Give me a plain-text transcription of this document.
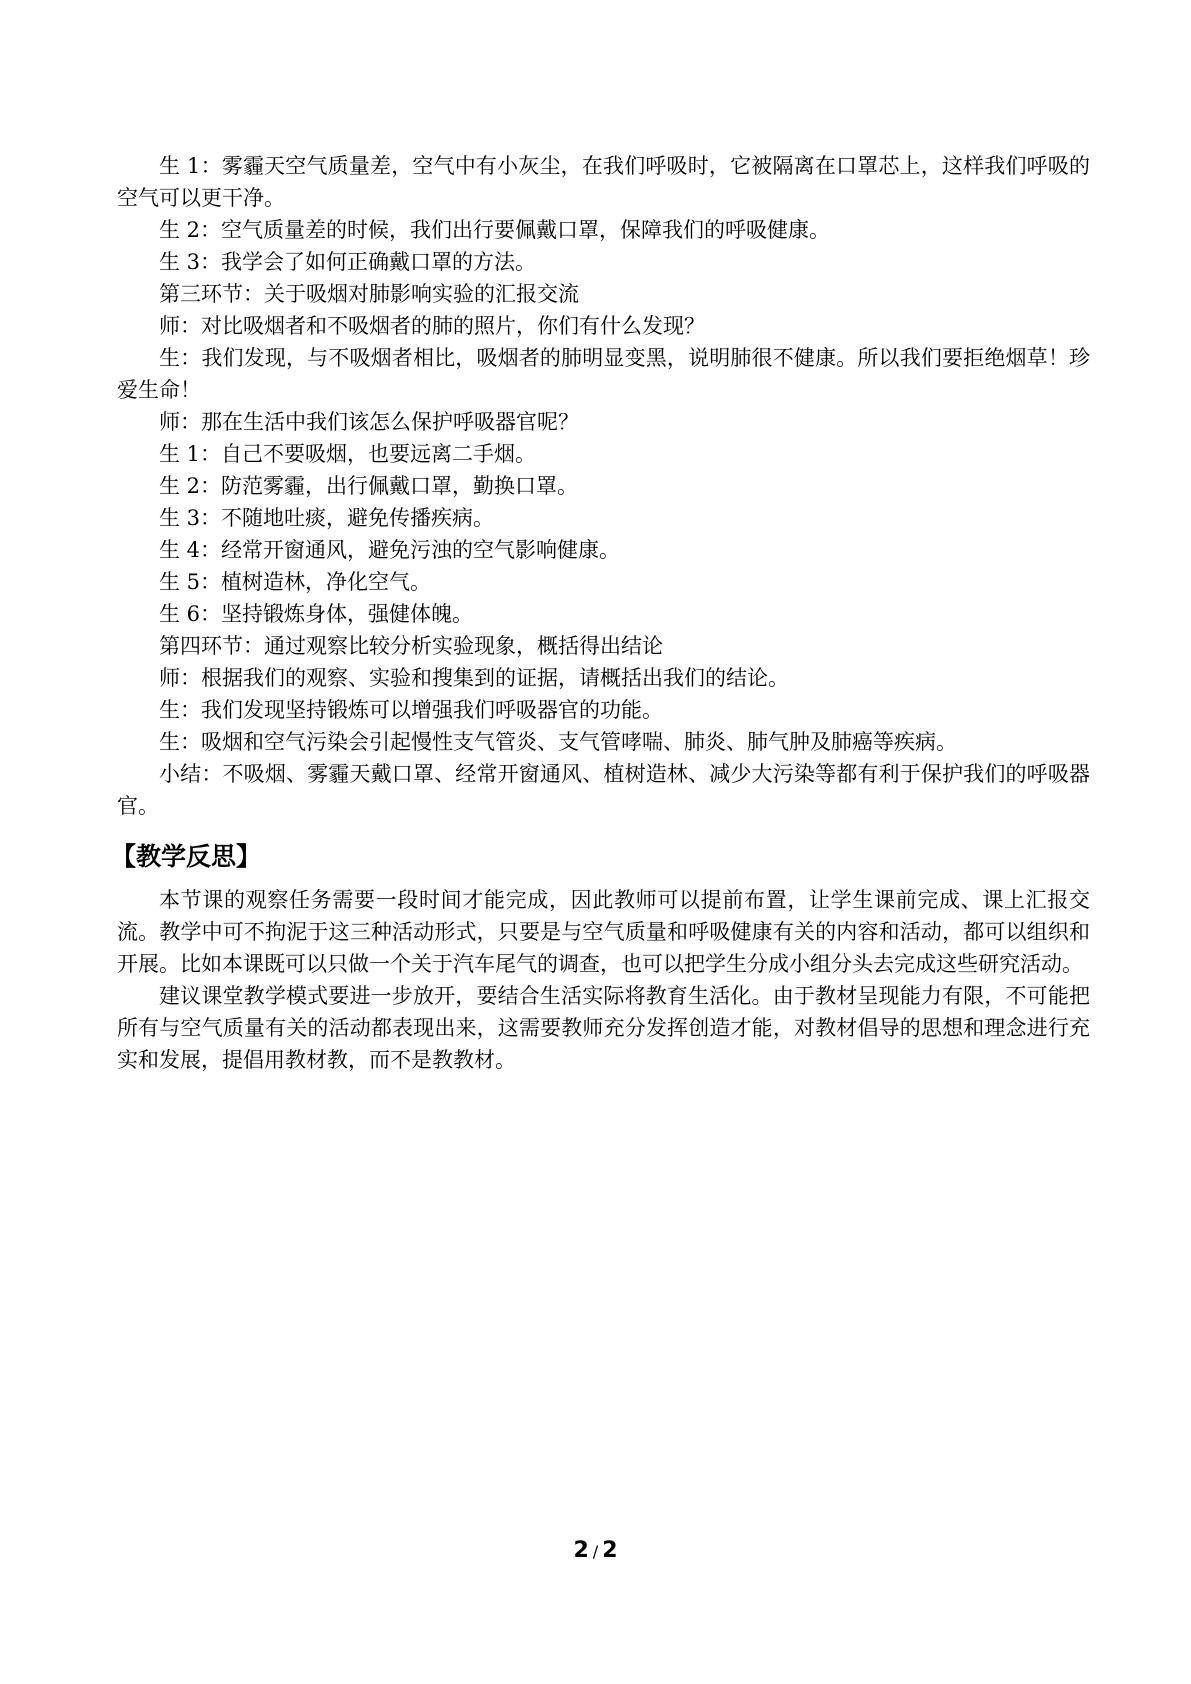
生 1：雾霾天空气质量差，空气中有小灰尘，在我们呼吸时，它被隔离在口罩芯上，这样我们呼吸的空气可以更干净。

生 2：空气质量差的时候，我们出行要佩戴口罩，保障我们的呼吸健康。

生 3：我学会了如何正确戴口罩的方法。

第三环节：关于吸烟对肺影响实验的汇报交流

师：对比吸烟者和不吸烟者的肺的照片，你们有什么发现？

生：我们发现，与不吸烟者相比，吸烟者的肺明显变黑，说明肺很不健康。所以我们要拒绝烟草！珍爱生命！

师：那在生活中我们该怎么保护呼吸器官呢？

生 1：自己不要吸烟，也要远离二手烟。

生 2：防范雾霾，出行佩戴口罩，勤换口罩。

生 3：不随地吐痰，避免传播疾病。

生 4：经常开窗通风，避免污浊的空气影响健康。

生 5：植树造林，净化空气。

生 6：坚持锻炼身体，强健体魄。

第四环节：通过观察比较分析实验现象，概括得出结论

师：根据我们的观察、实验和搜集到的证据，请概括出我们的结论。

生：我们发现坚持锻炼可以增强我们呼吸器官的功能。

生：吸烟和空气污染会引起慢性支气管炎、支气管哮喘、肺炎、肺气肿及肺癌等疾病。

小结：不吸烟、雾霾天戴口罩、经常开窗通风、植树造林、减少大污染等都有利于保护我们的呼吸器官。

【教学反思】

本节课的观察任务需要一段时间才能完成，因此教师可以提前布置，让学生课前完成、课上汇报交流。教学中可不拘泥于这三种活动形式，只要是与空气质量和呼吸健康有关的内容和活动，都可以组织和开展。比如本课既可以只做一个关于汽车尾气的调查，也可以把学生分成小组分头去完成这些研究活动。

建议课堂教学模式要进一步放开，要结合生活实际将教育生活化。由于教材呈现能力有限，不可能把所有与空气质量有关的活动都表现出来，这需要教师充分发挥创造才能，对教材倡导的思想和理念进行充实和发展，提倡用教材教，而不是教教材。

2 / 2
